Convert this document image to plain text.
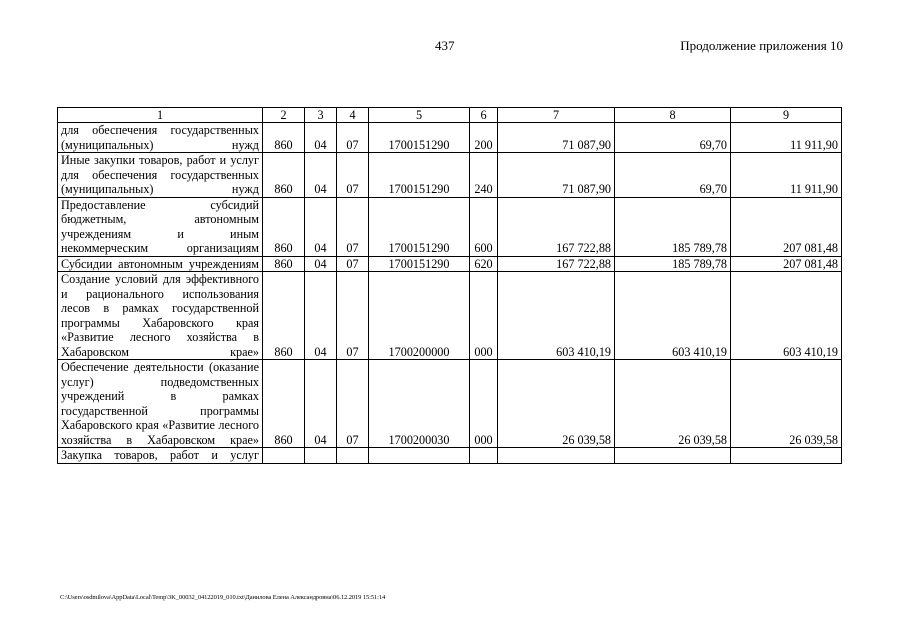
437	Продолжение приложения 10
1	2	3	4	5	6	7	8	9
для обеспечения государственных (муниципальных) нужд	860	04	07	1700151290	200	71 087,90	69,70	11 911,90
Иные закупки товаров, работ и услуг для обеспечения государственных (муниципальных) нужд	860	04	07	1700151290	240	71 087,90	69,70	11 911,90
Предоставление субсидий бюджетным, автономным учреждениям и иным некоммерческим организациям	860	04	07	1700151290	600	167 722,88	185 789,78	207 081,48
Субсидии автономным учреждениям	860	04	07	1700151290	620	167 722,88	185 789,78	207 081,48
Создание условий для эффективного и рационального использования лесов в рамках государственной программы Хабаровского края «Развитие лесного хозяйства в Хабаровском крае»	860	04	07	1700200000	000	603 410,19	603 410,19	603 410,19
Обеспечение деятельности (оказание услуг) подведомственных учреждений в рамках государственной программы Хабаровского края «Развитие лесного хозяйства в Хабаровском крае»	860	04	07	1700200030	000	26 039,58	26 039,58	26 039,58
Закупка товаров, работ и услуг								
C:\Users\osdmilova\AppData\Local\Temp\3K_00032_04122019_010.txt\Данилова Елена Александровна\06.12.2019 15:51:14
